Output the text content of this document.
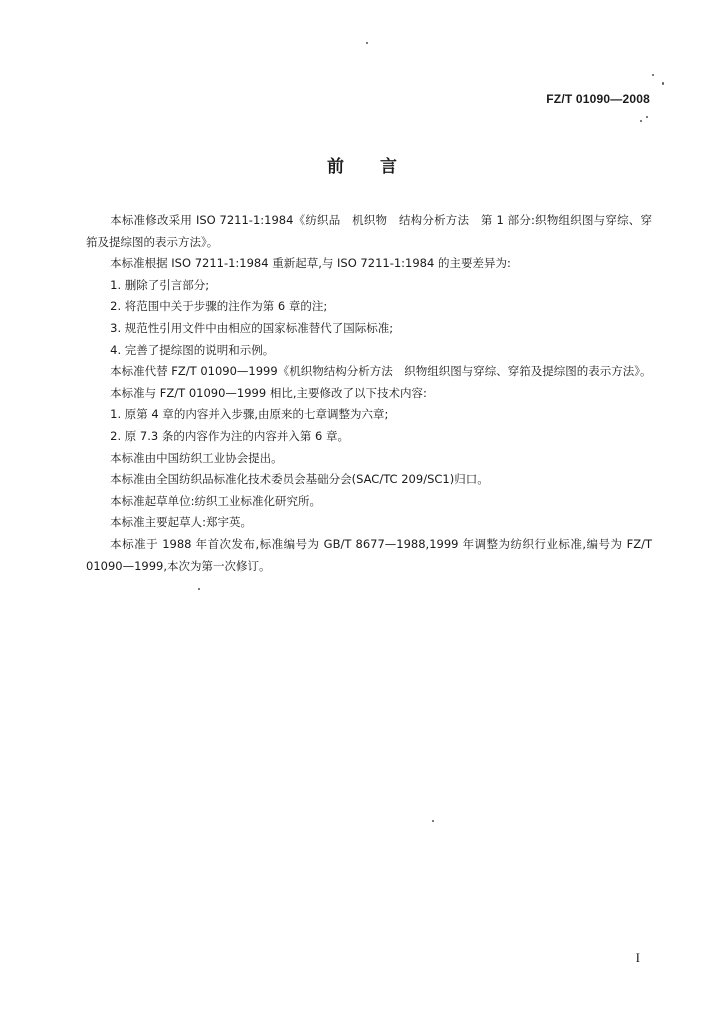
FZ/T 01090—2008
前言

本标准修改采用 ISO 7211-1:1984《纺织品　机织物　结构分析方法　第 1 部分:织物组织图与穿综、穿筘及提综图的表示方法》。

本标准根据 ISO 7211-1:1984 重新起草,与 ISO 7211-1:1984 的主要差异为:

1. 删除了引言部分;

2. 将范围中关于步骤的注作为第 6 章的注;

3. 规范性引用文件中由相应的国家标准替代了国际标准;

4. 完善了提综图的说明和示例。

本标准代替 FZ/T 01090—1999《机织物结构分析方法　织物组织图与穿综、穿筘及提综图的表示方法》。

本标准与 FZ/T 01090—1999 相比,主要修改了以下技术内容:

1. 原第 4 章的内容并入步骤,由原来的七章调整为六章;

2. 原 7.3 条的内容作为注的内容并入第 6 章。

本标准由中国纺织工业协会提出。

本标准由全国纺织品标准化技术委员会基础分会(SAC/TC 209/SC1)归口。

本标准起草单位:纺织工业标准化研究所。

本标准主要起草人:郑宇英。

本标准于 1988 年首次发布,标准编号为 GB/T 8677—1988,1999 年调整为纺织行业标准,编号为 FZ/T 01090—1999,本次为第一次修订。

I
